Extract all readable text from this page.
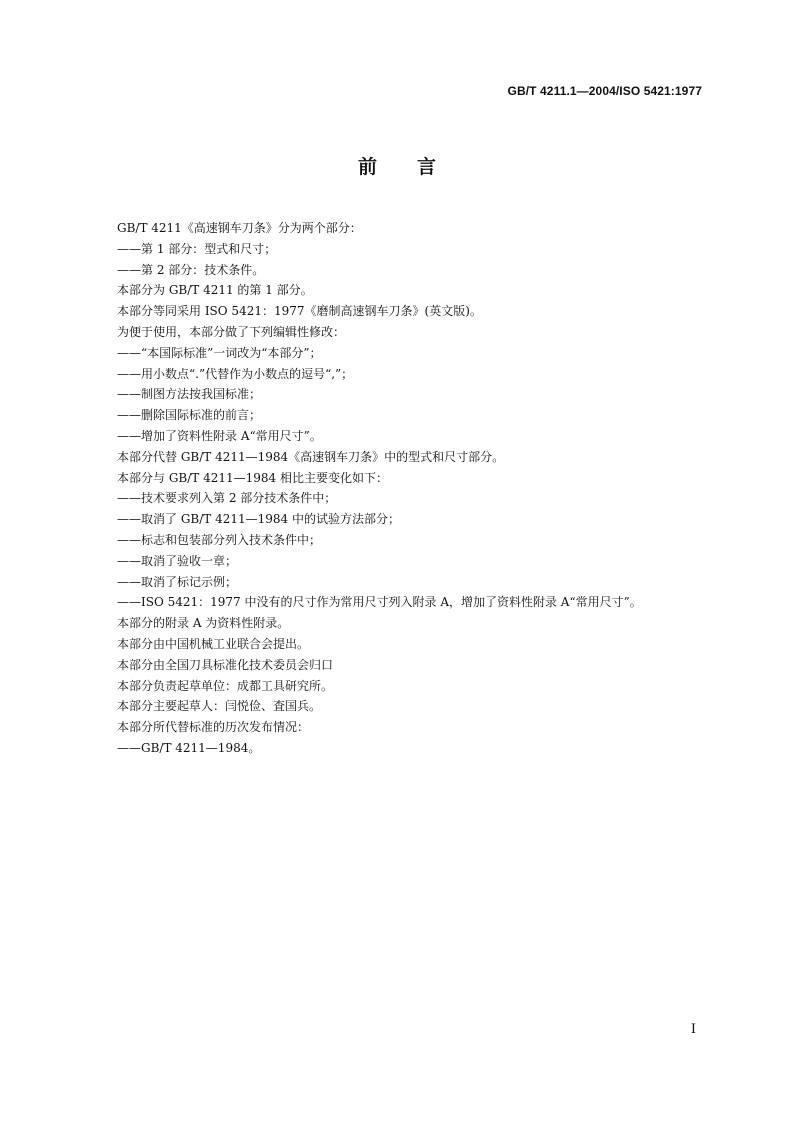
GB/T 4211.1—2004/ISO 5421:1977
前言
GB/T 4211《高速钢车刀条》分为两个部分：
——第 1 部分：型式和尺寸；
——第 2 部分：技术条件。
本部分为 GB/T 4211 的第 1 部分。
本部分等同采用 ISO 5421：1977《磨制高速钢车刀条》(英文版)。
为便于使用，本部分做了下列编辑性修改：
——“本国际标准”一词改为“本部分”；
——用小数点“.”代替作为小数点的逗号“,”；
——制图方法按我国标准；
——删除国际标准的前言；
——增加了资料性附录 A“常用尺寸”。
本部分代替 GB/T 4211—1984《高速钢车刀条》中的型式和尺寸部分。
本部分与 GB/T 4211—1984 相比主要变化如下：
——技术要求列入第 2 部分技术条件中；
——取消了 GB/T 4211—1984 中的试验方法部分；
——标志和包装部分列入技术条件中；
——取消了验收一章；
——取消了标记示例；
——ISO 5421：1977 中没有的尺寸作为常用尺寸列入附录 A，增加了资料性附录 A“常用尺寸”。
本部分的附录 A 为资料性附录。
本部分由中国机械工业联合会提出。
本部分由全国刀具标准化技术委员会归口
本部分负责起草单位：成都工具研究所。
本部分主要起草人：闫悦俭、査国兵。
本部分所代替标准的历次发布情况：
——GB/T 4211—1984。
I
